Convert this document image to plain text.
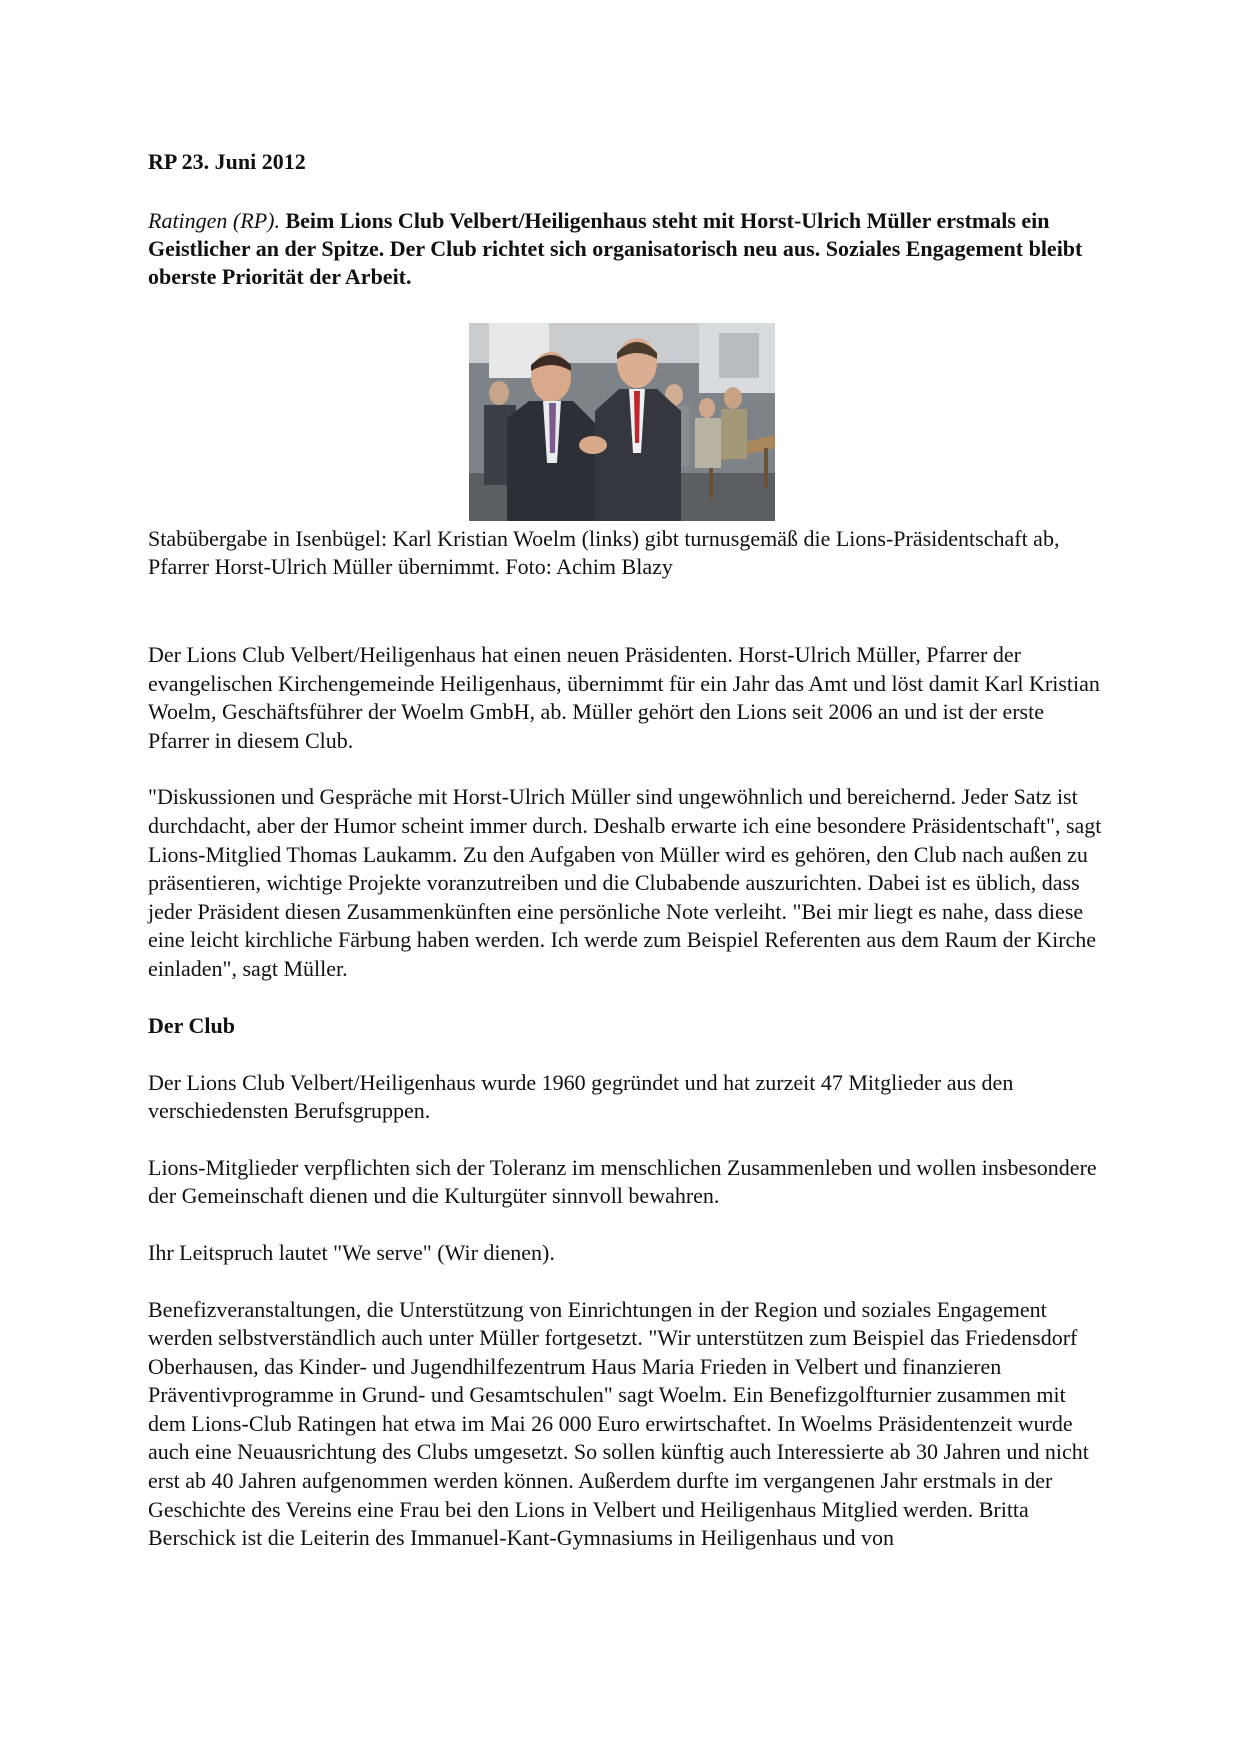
RP 23. Juni 2012

Ratingen (RP). Beim Lions Club Velbert/Heiligenhaus steht mit Horst-Ulrich Müller erstmals ein Geistlicher an der Spitze. Der Club richtet sich organisatorisch neu aus. Soziales Engagement bleibt oberste Priorität der Arbeit.

Stabübergabe in Isenbügel: Karl Kristian Woelm (links) gibt turnusgemäß die Lions-Präsidentschaft ab, Pfarrer Horst-Ulrich Müller übernimmt. Foto: Achim Blazy

Der Lions Club Velbert/Heiligenhaus hat einen neuen Präsidenten. Horst-Ulrich Müller, Pfarrer der evangelischen Kirchengemeinde Heiligenhaus, übernimmt für ein Jahr das Amt und löst damit Karl Kristian Woelm, Geschäftsführer der Woelm GmbH, ab. Müller gehört den Lions seit 2006 an und ist der erste Pfarrer in diesem Club.

"Diskussionen und Gespräche mit Horst-Ulrich Müller sind ungewöhnlich und bereichernd. Jeder Satz ist durchdacht, aber der Humor scheint immer durch. Deshalb erwarte ich eine besondere Präsidentschaft", sagt Lions-Mitglied Thomas Laukamm. Zu den Aufgaben von Müller wird es gehören, den Club nach außen zu präsentieren, wichtige Projekte voranzutreiben und die Clubabende auszurichten. Dabei ist es üblich, dass jeder Präsident diesen Zusammenkünften eine persönliche Note verleiht. "Bei mir liegt es nahe, dass diese eine leicht kirchliche Färbung haben werden. Ich werde zum Beispiel Referenten aus dem Raum der Kirche einladen", sagt Müller.

Der Club

Der Lions Club Velbert/Heiligenhaus wurde 1960 gegründet und hat zurzeit 47 Mitglieder aus den verschiedensten Berufsgruppen.

Lions-Mitglieder verpflichten sich der Toleranz im menschlichen Zusammenleben und wollen insbesondere der Gemeinschaft dienen und die Kulturgüter sinnvoll bewahren.

Ihr Leitspruch lautet "We serve" (Wir dienen).

Benefizveranstaltungen, die Unterstützung von Einrichtungen in der Region und soziales Engagement werden selbstverständlich auch unter Müller fortgesetzt. "Wir unterstützen zum Beispiel das Friedensdorf Oberhausen, das Kinder- und Jugendhilfezentrum Haus Maria Frieden in Velbert und finanzieren Präventivprogramme in Grund- und Gesamtschulen" sagt Woelm. Ein Benefizgolfturnier zusammen mit dem Lions-Club Ratingen hat etwa im Mai 26 000 Euro erwirtschaftet. In Woelms Präsidentenzeit wurde auch eine Neuausrichtung des Clubs umgesetzt. So sollen künftig auch Interessierte ab 30 Jahren und nicht erst ab 40 Jahren aufgenommen werden können. Außerdem durfte im vergangenen Jahr erstmals in der Geschichte des Vereins eine Frau bei den Lions in Velbert und Heiligenhaus Mitglied werden. Britta Berschick ist die Leiterin des Immanuel-Kant-Gymnasiums in Heiligenhaus und von
